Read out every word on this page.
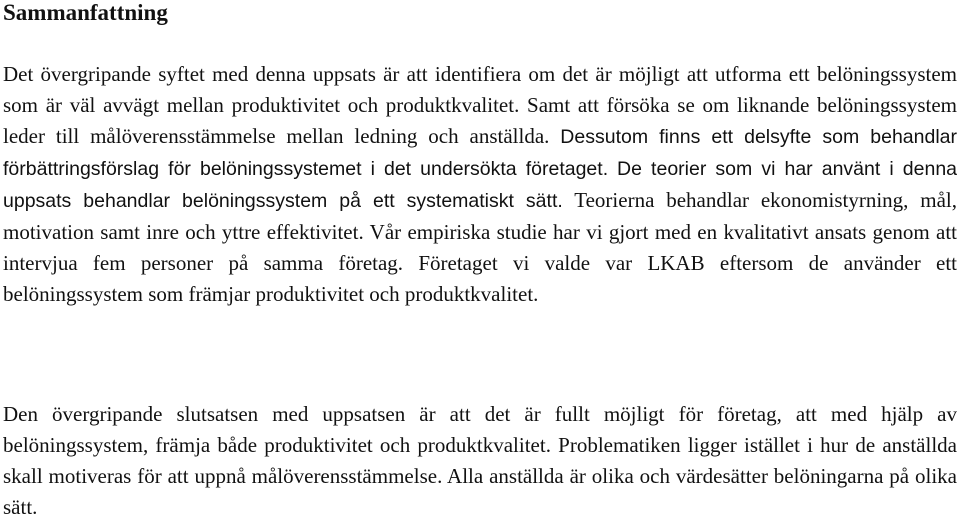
Sammanfattning

Det övergripande syftet med denna uppsats är att identifiera om det är möjligt att utforma ett belöningssystem som är väl avvägt mellan produktivitet och produktkvalitet. Samt att försöka se om liknande belöningssystem leder till målöverensstämmelse mellan ledning och anställda. Dessutom finns ett delsyfte som behandlar förbättringsförslag för belöningssystemet i det undersökta företaget. De teorier som vi har använt i denna uppsats behandlar belöningssystem på ett systematiskt sätt. Teorierna behandlar ekonomistyrning, mål, motivation samt inre och yttre effektivitet. Vår empiriska studie har vi gjort med en kvalitativt ansats genom att intervjua fem personer på samma företag. Företaget vi valde var LKAB eftersom de använder ett belöningssystem som främjar produktivitet och produktkvalitet.

Den övergripande slutsatsen med uppsatsen är att det är fullt möjligt för företag, att med hjälp av belöningssystem, främja både produktivitet och produktkvalitet. Problematiken ligger istället i hur de anställda skall motiveras för att uppnå målöverensstämmelse. Alla anställda är olika och värdesätter belöningarna på olika sätt.
